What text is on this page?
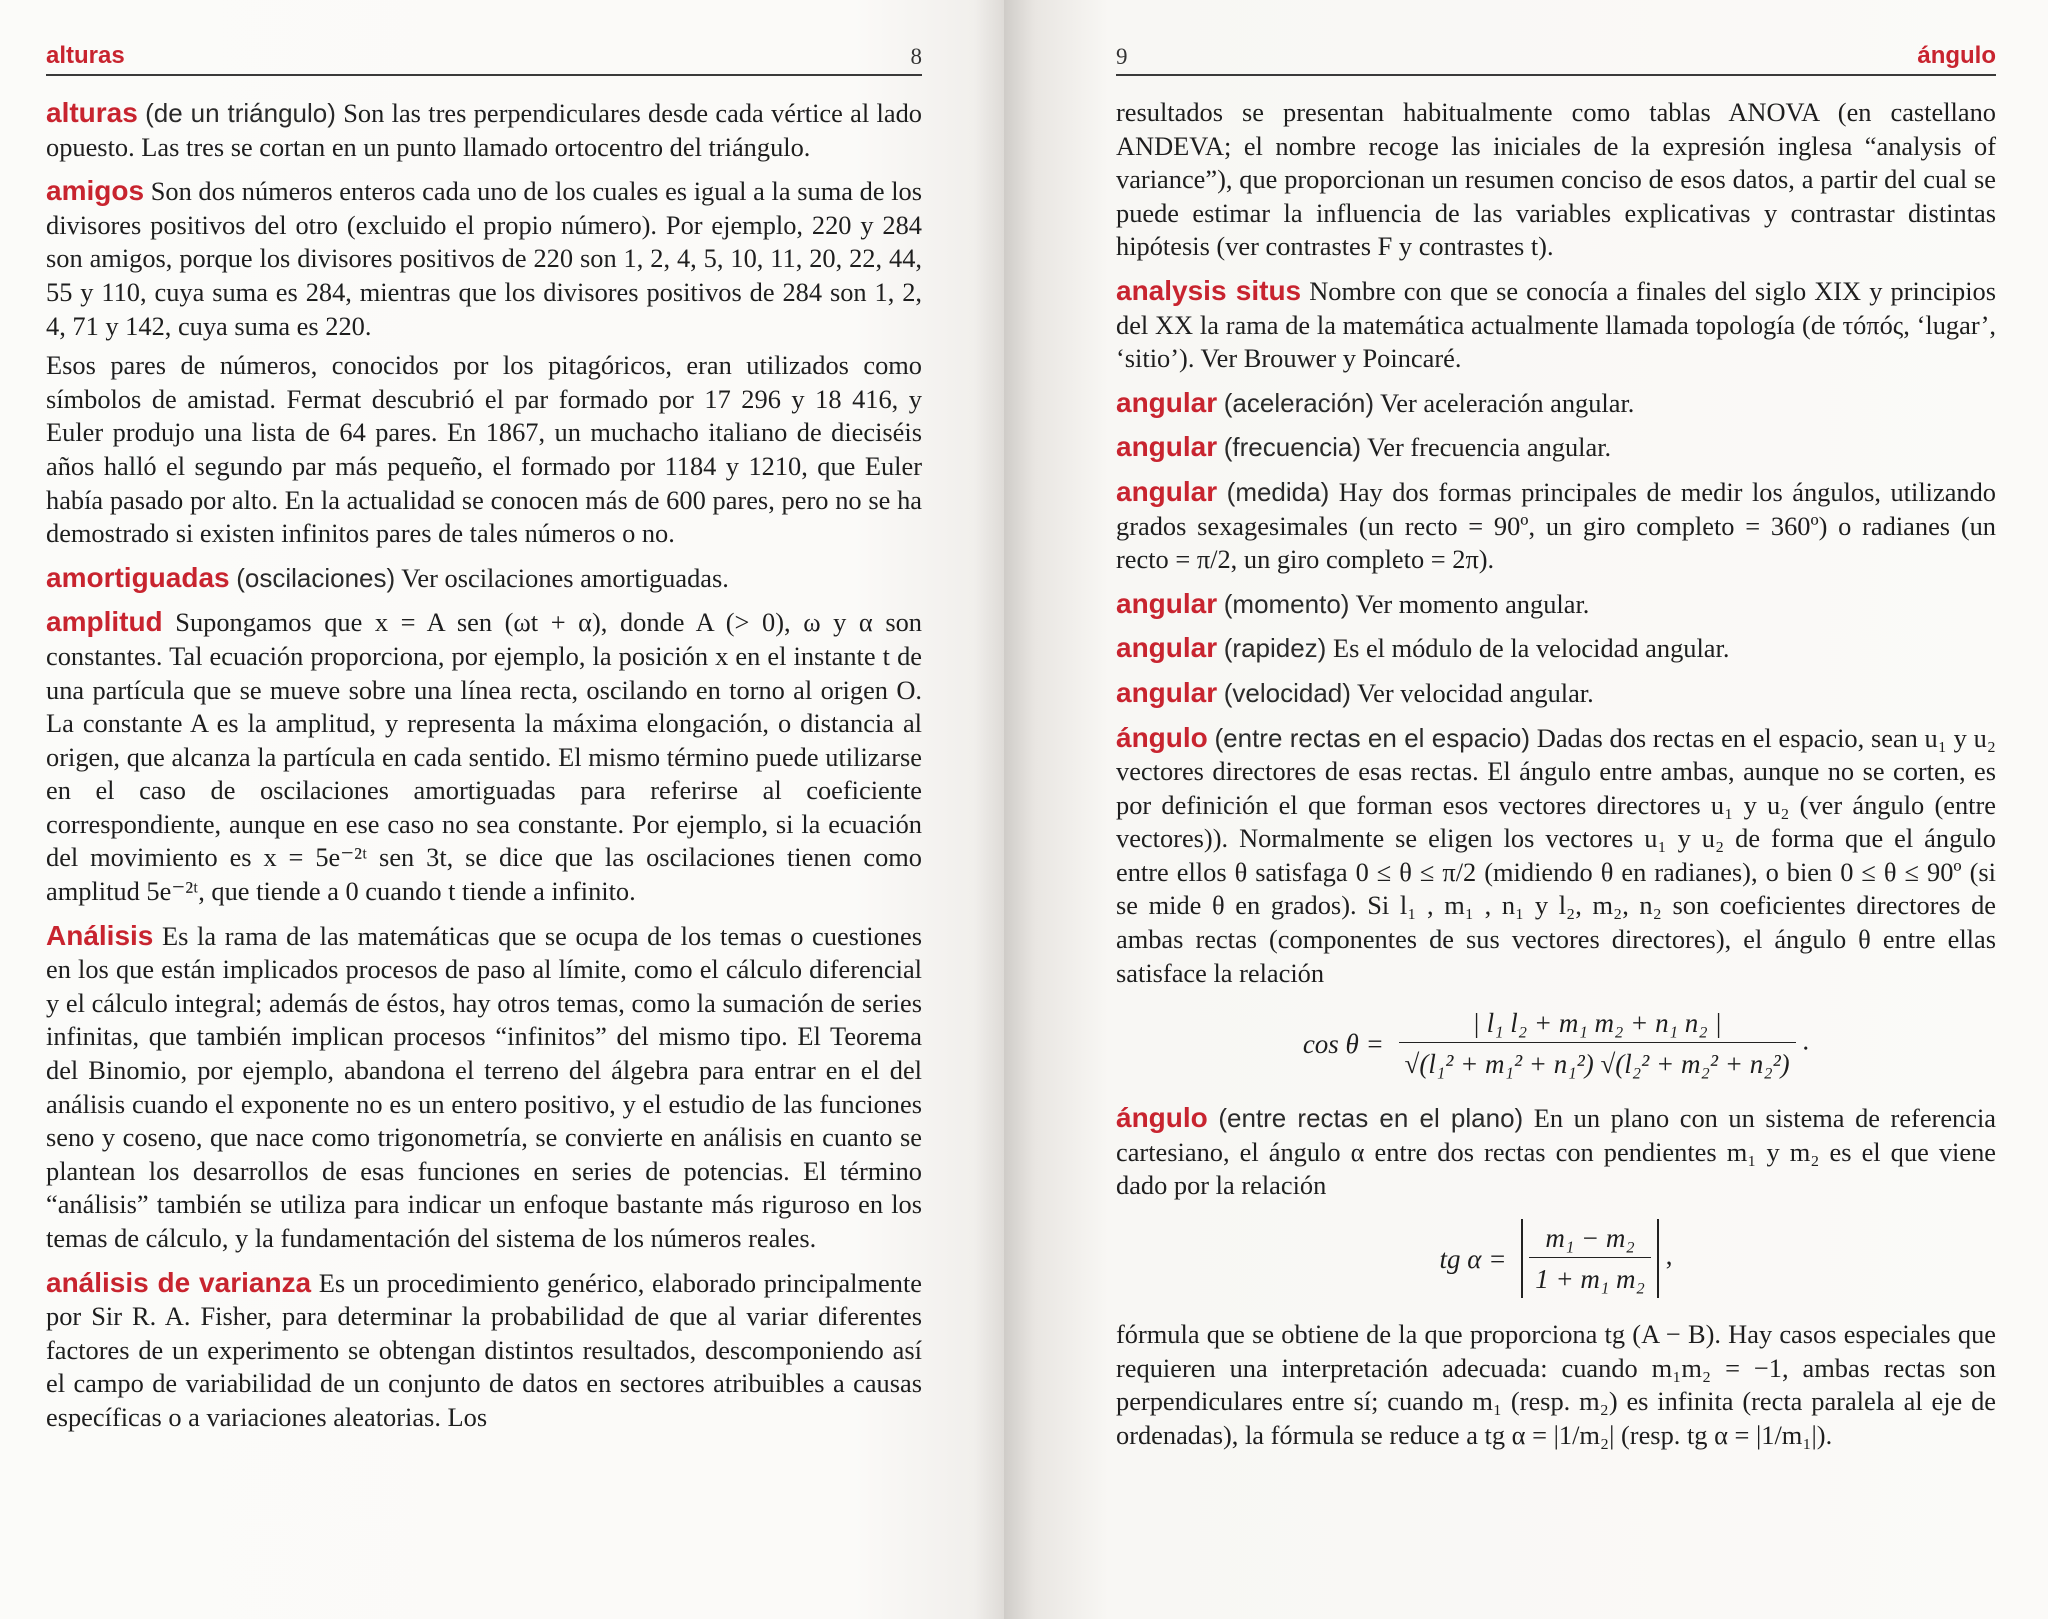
alturas	8

alturas (de un triángulo) Son las tres perpendiculares desde cada vértice al lado opuesto. Las tres se cortan en un punto llamado ortocentro del triángulo.

amigos Son dos números enteros cada uno de los cuales es igual a la suma de los divisores positivos del otro (excluido el propio número). Por ejemplo, 220 y 284 son amigos, porque los divisores positivos de 220 son 1, 2, 4, 5, 10, 11, 20, 22, 44, 55 y 110, cuya suma es 284, mientras que los divisores positivos de 284 son 1, 2, 4, 71 y 142, cuya suma es 220.

Esos pares de números, conocidos por los pitagóricos, eran utilizados como símbolos de amistad. Fermat descubrió el par formado por 17 296 y 18 416, y Euler produjo una lista de 64 pares. En 1867, un muchacho italiano de dieciséis años halló el segundo par más pequeño, el formado por 1184 y 1210, que Euler había pasado por alto. En la actualidad se conocen más de 600 pares, pero no se ha demostrado si existen infinitos pares de tales números o no.

amortiguadas (oscilaciones) Ver oscilaciones amortiguadas.

amplitud Supongamos que x = A sen (ωt + α), donde A (> 0), ω y α son constantes. Tal ecuación proporciona, por ejemplo, la posición x en el instante t de una partícula que se mueve sobre una línea recta, oscilando en torno al origen O. La constante A es la amplitud, y representa la máxima elongación, o distancia al origen, que alcanza la partícula en cada sentido. El mismo término puede utilizarse en el caso de oscilaciones amortiguadas para referirse al coeficiente correspondiente, aunque en ese caso no sea constante. Por ejemplo, si la ecuación del movimiento es x = 5e⁻²ᵗ sen 3t, se dice que las oscilaciones tienen como amplitud 5e⁻²ᵗ, que tiende a 0 cuando t tiende a infinito.

Análisis Es la rama de las matemáticas que se ocupa de los temas o cuestiones en los que están implicados procesos de paso al límite, como el cálculo diferencial y el cálculo integral; además de éstos, hay otros temas, como la sumación de series infinitas, que también implican procesos “infinitos” del mismo tipo. El Teorema del Binomio, por ejemplo, abandona el terreno del álgebra para entrar en el del análisis cuando el exponente no es un entero positivo, y el estudio de las funciones seno y coseno, que nace como trigonometría, se convierte en análisis en cuanto se plantean los desarrollos de esas funciones en series de potencias. El término “análisis” también se utiliza para indicar un enfoque bastante más riguroso en los temas de cálculo, y la fundamentación del sistema de los números reales.

análisis de varianza Es un procedimiento genérico, elaborado principalmente por Sir R. A. Fisher, para determinar la probabilidad de que al variar diferentes factores de un experimento se obtengan distintos resultados, descomponiendo así el campo de variabilidad de un conjunto de datos en sectores atribuibles a causas específicas o a variaciones aleatorias. Los

9	ángulo

resultados se presentan habitualmente como tablas ANOVA (en castellano ANDEVA; el nombre recoge las iniciales de la expresión inglesa “analysis of variance”), que proporcionan un resumen conciso de esos datos, a partir del cual se puede estimar la influencia de las variables explicativas y contrastar distintas hipótesis (ver contrastes F y contrastes t).

analysis situs Nombre con que se conocía a finales del siglo XIX y principios del XX la rama de la matemática actualmente llamada topología (de τóπóς, ‘lugar’, ‘sitio’). Ver Brouwer y Poincaré.

angular (aceleración) Ver aceleración angular.

angular (frecuencia) Ver frecuencia angular.

angular (medida) Hay dos formas principales de medir los ángulos, utilizando grados sexagesimales (un recto = 90º, un giro completo = 360º) o radianes (un recto = π/2, un giro completo = 2π).

angular (momento) Ver momento angular.

angular (rapidez) Es el módulo de la velocidad angular.

angular (velocidad) Ver velocidad angular.

ángulo (entre rectas en el espacio) Dadas dos rectas en el espacio, sean u₁ y u₂ vectores directores de esas rectas. El ángulo entre ambas, aunque no se corten, es por definición el que forman esos vectores directores u₁ y u₂ (ver ángulo (entre vectores)). Normalmente se eligen los vectores u₁ y u₂ de forma que el ángulo entre ellos θ satisfaga 0 ≤ θ ≤ π/2 (midiendo θ en radianes), o bien 0 ≤ θ ≤ 90º (si se mide θ en grados). Si l₁ , m₁ , n₁ y l₂, m₂, n₂ son coeficientes directores de ambas rectas (componentes de sus vectores directores), el ángulo θ entre ellas satisface la relación

$\cos \theta = \frac{\text{| l₁ l₂ + m₁ m₂ + n₁ n₂ |}}{\text{√(l₁² + m₁² + n₁²) √(l₂² + m₂² + n₂²)}}$ .

ángulo (entre rectas en el plano) En un plano con un sistema de referencia cartesiano, el ángulo α entre dos rectas con pendientes m₁ y m₂ es el que viene dado por la relación

tg $\alpha = \frac{\text{m₁ − m₂}}{\text{1 + m₁ m₂}}$ ,

fórmula que se obtiene de la que proporciona tg (A − B). Hay casos especiales que requieren una interpretación adecuada: cuando m₁m₂ = −1, ambas rectas son perpendiculares entre sí; cuando m₁ (resp. m₂) es infinita (recta paralela al eje de ordenadas), la fórmula se reduce a tg α = |1/m₂| (resp. tg α = |1/m₁|).
